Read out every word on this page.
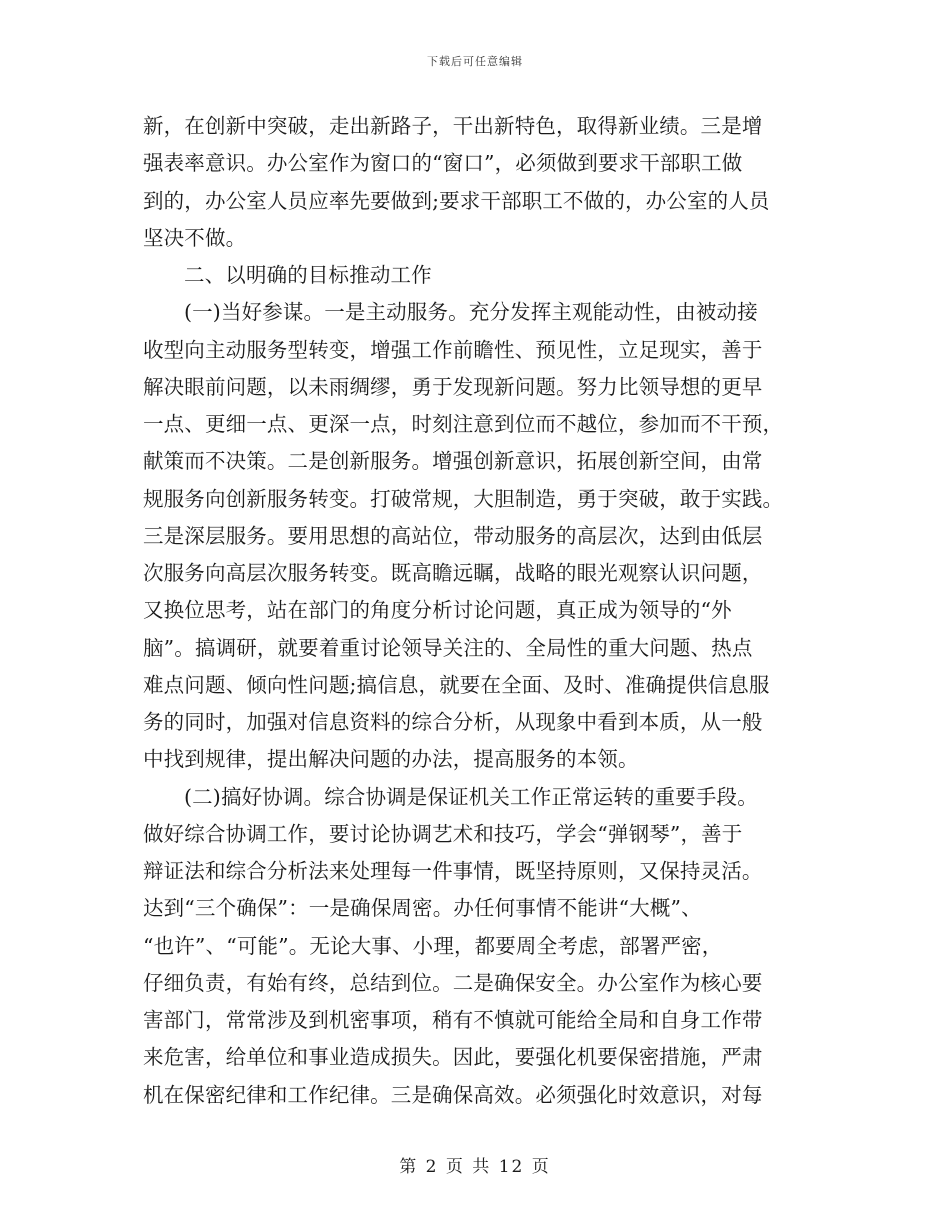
下载后可任意编辑
新，在创新中突破，走出新路子，干出新特色，取得新业绩。三是增
强表率意识。办公室作为窗口的“窗口”，必须做到要求干部职工做
到的，办公室人员应率先要做到;要求干部职工不做的，办公室的人员
坚决不做。
二、以明确的目标推动工作
(一)当好参谋。一是主动服务。充分发挥主观能动性，由被动接
收型向主动服务型转变，增强工作前瞻性、预见性，立足现实，善于
解决眼前问题，以未雨绸缪，勇于发现新问题。努力比领导想的更早
一点、更细一点、更深一点，时刻注意到位而不越位，参加而不干预，
献策而不决策。二是创新服务。增强创新意识，拓展创新空间，由常
规服务向创新服务转变。打破常规，大胆制造，勇于突破，敢于实践。
三是深层服务。要用思想的高站位，带动服务的高层次，达到由低层
次服务向高层次服务转变。既高瞻远瞩，战略的眼光观察认识问题，
又换位思考，站在部门的角度分析讨论问题，真正成为领导的“外
脑”。搞调研，就要着重讨论领导关注的、全局性的重大问题、热点
难点问题、倾向性问题;搞信息，就要在全面、及时、准确提供信息服
务的同时，加强对信息资料的综合分析，从现象中看到本质，从一般
中找到规律，提出解决问题的办法，提高服务的本领。
(二)搞好协调。综合协调是保证机关工作正常运转的重要手段。
做好综合协调工作，要讨论协调艺术和技巧，学会“弹钢琴”，善于
辩证法和综合分析法来处理每一件事情，既坚持原则，又保持灵活。
达到“三个确保”：一是确保周密。办任何事情不能讲“大概”、
“也许”、“可能”。无论大事、小理，都要周全考虑，部署严密，
仔细负责，有始有终，总结到位。二是确保安全。办公室作为核心要
害部门，常常涉及到机密事项，稍有不慎就可能给全局和自身工作带
来危害，给单位和事业造成损失。因此，要强化机要保密措施，严肃
机在保密纪律和工作纪律。三是确保高效。必须强化时效意识，对每
第 2 页 共 12 页
